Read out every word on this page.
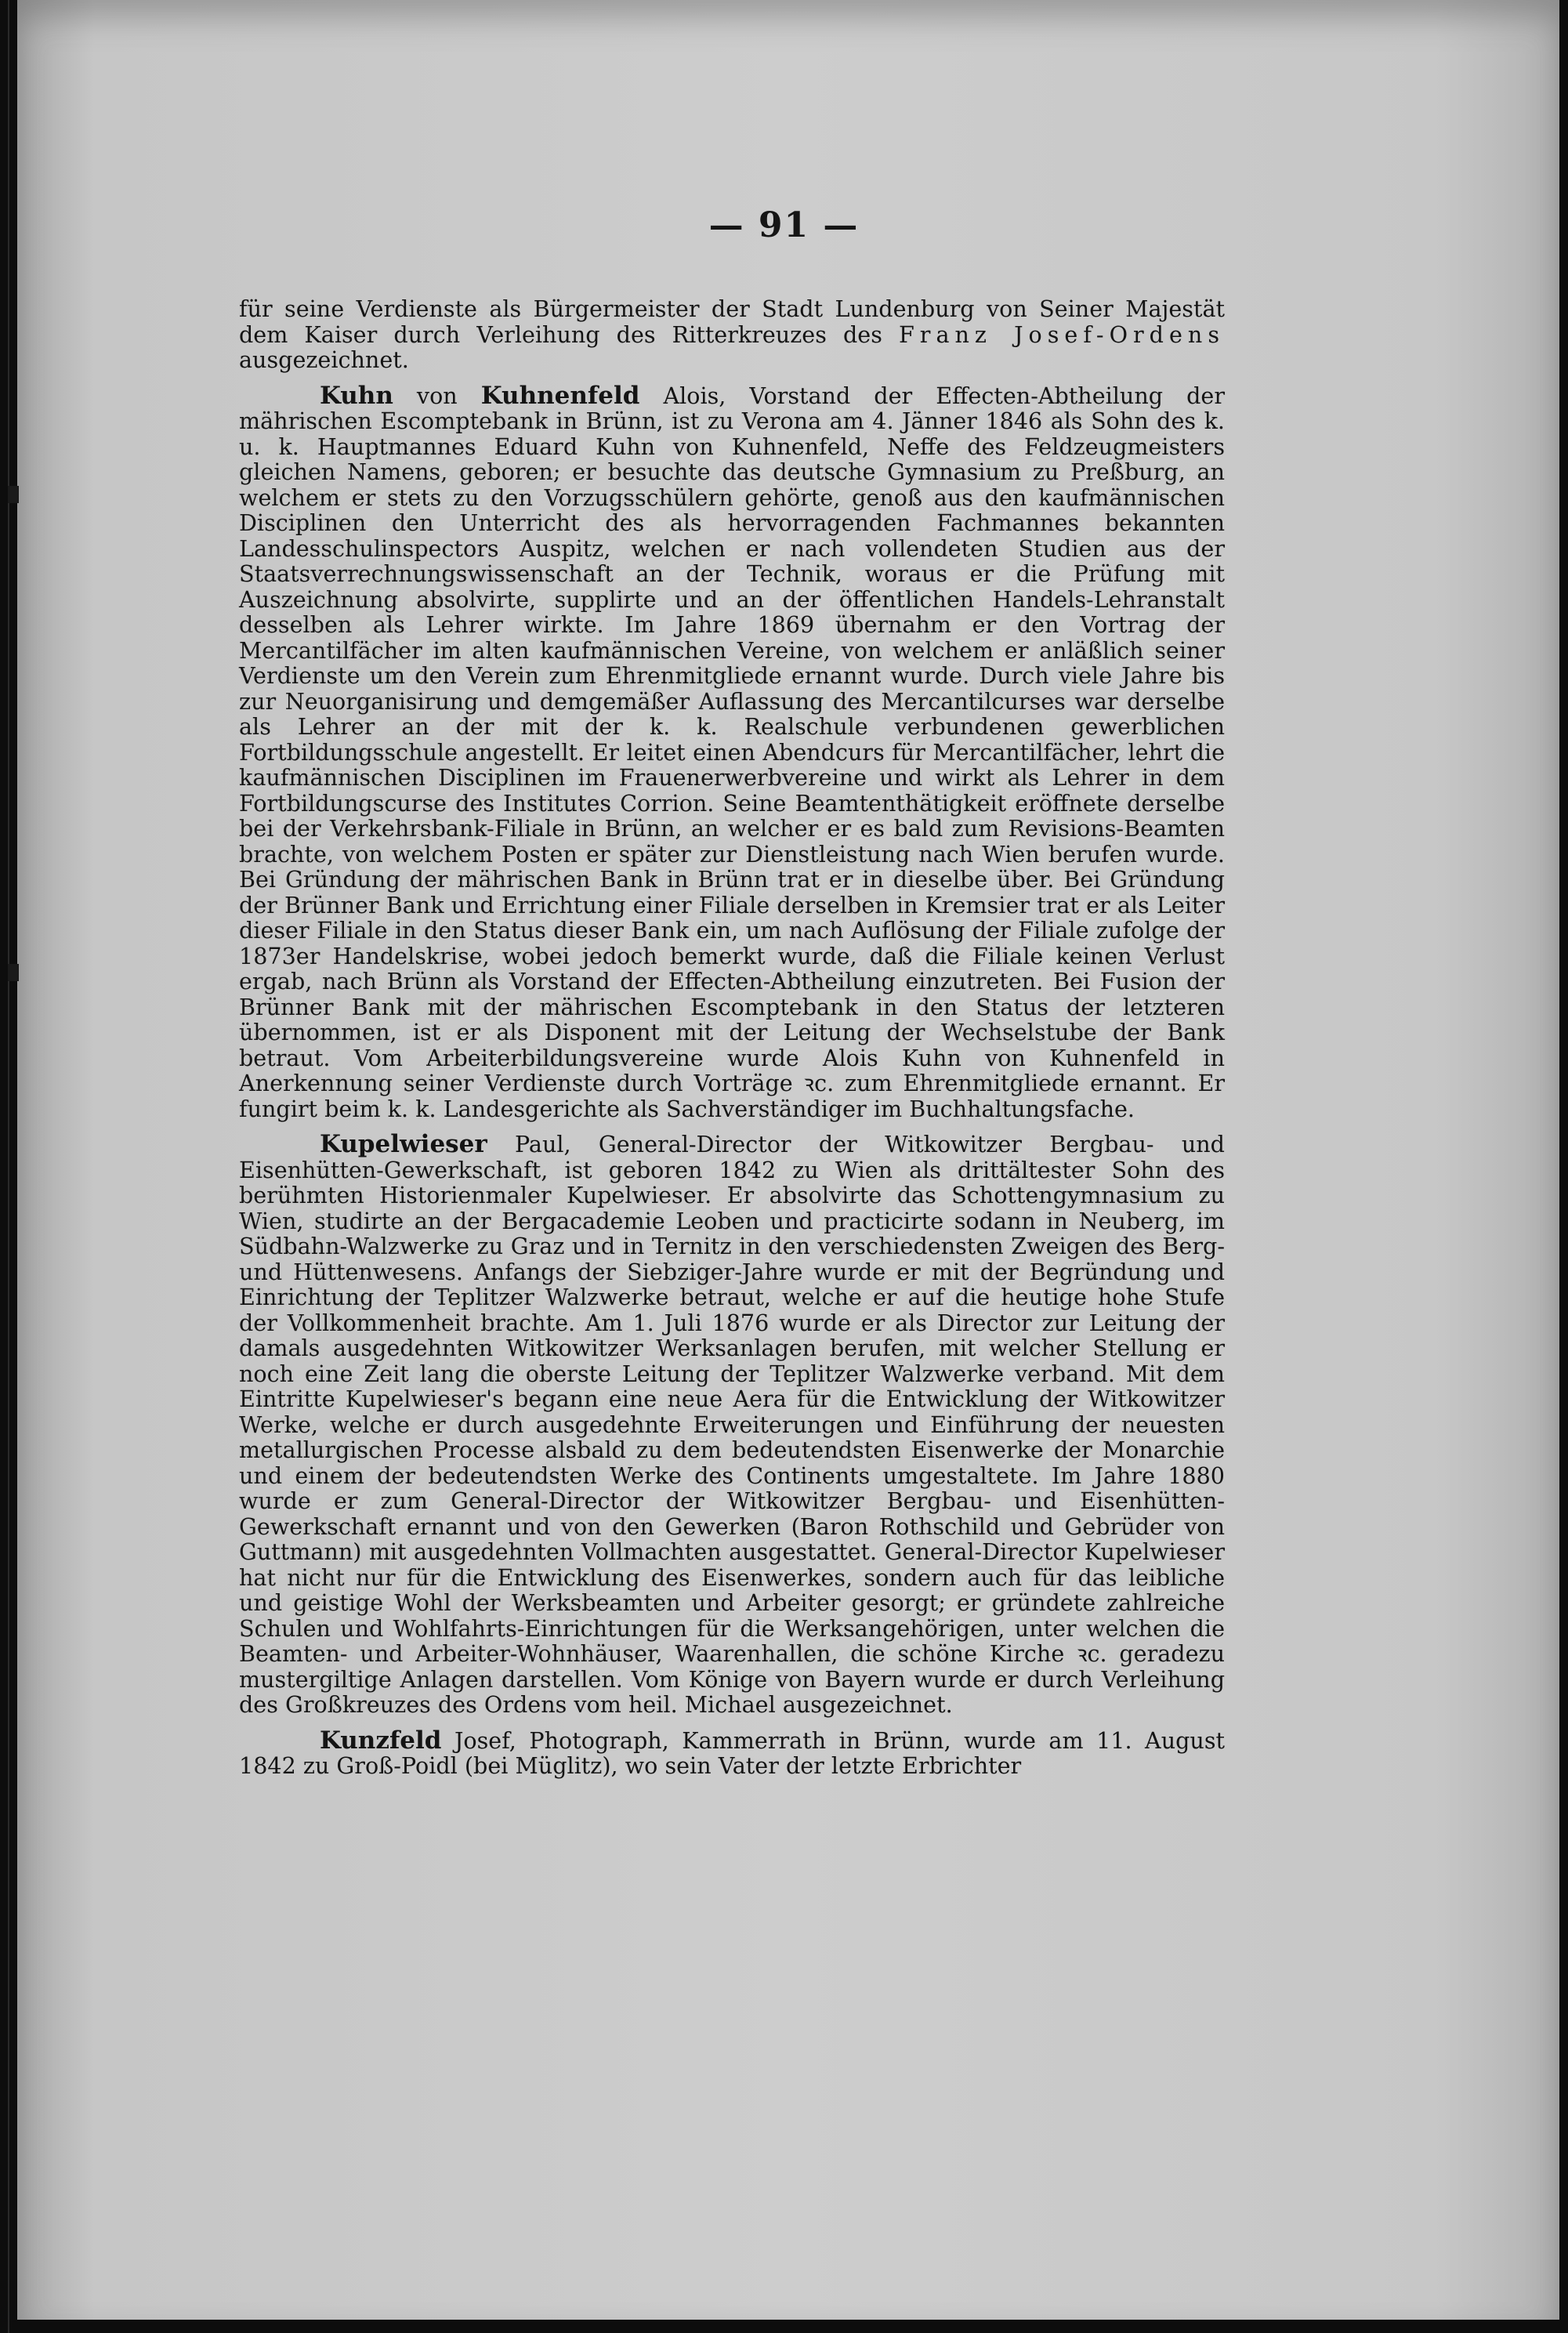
— 91 —

für seine Verdienste als Bürgermeister der Stadt Lundenburg von Seiner Majestät dem Kaiser durch Verleihung des Ritterkreuzes des Franz Josef-Ordens ausgezeichnet.

Kuhn von Kuhnenfeld Alois, Vorstand der Effecten-Abtheilung der mährischen Escomptebank in Brünn, ist zu Verona am 4. Jänner 1846 als Sohn des k. u. k. Hauptmannes Eduard Kuhn von Kuhnenfeld, Neffe des Feldzeugmeisters gleichen Namens, geboren; er besuchte das deutsche Gymnasium zu Preßburg, an welchem er stets zu den Vorzugsschülern gehörte, genoß aus den kaufmännischen Disciplinen den Unterricht des als hervorragenden Fachmannes bekannten Landesschulinspectors Auspitz, welchen er nach vollendeten Studien aus der Staatsverrechnungswissenschaft an der Technik, woraus er die Prüfung mit Auszeichnung absolvirte, supplirte und an der öffentlichen Handels-Lehranstalt desselben als Lehrer wirkte. Im Jahre 1869 übernahm er den Vortrag der Mercantilfächer im alten kaufmännischen Vereine, von welchem er anläßlich seiner Verdienste um den Verein zum Ehrenmitgliede ernannt wurde. Durch viele Jahre bis zur Neuorganisirung und demgemäßer Auflassung des Mercantilcurses war derselbe als Lehrer an der mit der k. k. Realschule verbundenen gewerblichen Fortbildungsschule angestellt. Er leitet einen Abendcurs für Mercantilfächer, lehrt die kaufmännischen Disciplinen im Frauenerwerbvereine und wirkt als Lehrer in dem Fortbildungscurse des Institutes Corrion. Seine Beamtenthätigkeit eröffnete derselbe bei der Verkehrsbank-Filiale in Brünn, an welcher er es bald zum Revisions-Beamten brachte, von welchem Posten er später zur Dienstleistung nach Wien berufen wurde. Bei Gründung der mährischen Bank in Brünn trat er in dieselbe über. Bei Gründung der Brünner Bank und Errichtung einer Filiale derselben in Kremsier trat er als Leiter dieser Filiale in den Status dieser Bank ein, um nach Auflösung der Filiale zufolge der 1873er Handelskrise, wobei jedoch bemerkt wurde, daß die Filiale keinen Verlust ergab, nach Brünn als Vorstand der Effecten-Abtheilung einzutreten. Bei Fusion der Brünner Bank mit der mährischen Escomptebank in den Status der letzteren übernommen, ist er als Disponent mit der Leitung der Wechselstube der Bank betraut. Vom Arbeiterbildungsvereine wurde Alois Kuhn von Kuhnenfeld in Anerkennung seiner Verdienste durch Vorträge ꝛc. zum Ehrenmitgliede ernannt. Er fungirt beim k. k. Landesgerichte als Sachverständiger im Buchhaltungsfache.

Kupelwieser Paul, General-Director der Witkowitzer Bergbau- und Eisenhütten-Gewerkschaft, ist geboren 1842 zu Wien als drittältester Sohn des berühmten Historienmaler Kupelwieser. Er absolvirte das Schottengymnasium zu Wien, studirte an der Bergacademie Leoben und practicirte sodann in Neuberg, im Südbahn-Walzwerke zu Graz und in Ternitz in den verschiedensten Zweigen des Berg- und Hüttenwesens. Anfangs der Siebziger-Jahre wurde er mit der Begründung und Einrichtung der Teplitzer Walzwerke betraut, welche er auf die heutige hohe Stufe der Vollkommenheit brachte. Am 1. Juli 1876 wurde er als Director zur Leitung der damals ausgedehnten Witkowitzer Werksanlagen berufen, mit welcher Stellung er noch eine Zeit lang die oberste Leitung der Teplitzer Walzwerke verband. Mit dem Eintritte Kupelwieser's begann eine neue Aera für die Entwicklung der Witkowitzer Werke, welche er durch ausgedehnte Erweiterungen und Einführung der neuesten metallurgischen Processe alsbald zu dem bedeutendsten Eisenwerke der Monarchie und einem der bedeutendsten Werke des Continents umgestaltete. Im Jahre 1880 wurde er zum General-Director der Witkowitzer Bergbau- und Eisenhütten-Gewerkschaft ernannt und von den Gewerken (Baron Rothschild und Gebrüder von Guttmann) mit ausgedehnten Vollmachten ausgestattet. General-Director Kupelwieser hat nicht nur für die Entwicklung des Eisenwerkes, sondern auch für das leibliche und geistige Wohl der Werksbeamten und Arbeiter gesorgt; er gründete zahlreiche Schulen und Wohlfahrts-Einrichtungen für die Werksangehörigen, unter welchen die Beamten- und Arbeiter-Wohnhäuser, Waarenhallen, die schöne Kirche ꝛc. geradezu mustergiltige Anlagen darstellen. Vom Könige von Bayern wurde er durch Verleihung des Großkreuzes des Ordens vom heil. Michael ausgezeichnet.

Kunzfeld Josef, Photograph, Kammerrath in Brünn, wurde am 11. August 1842 zu Groß-Poidl (bei Müglitz), wo sein Vater der letzte Erbrichter
